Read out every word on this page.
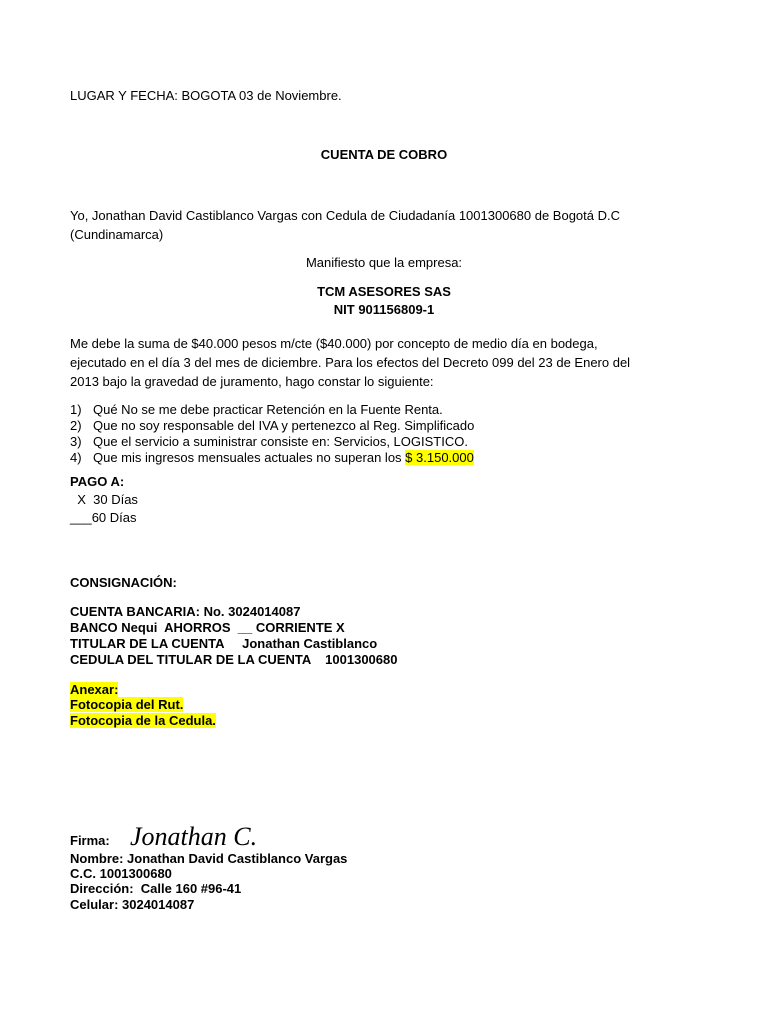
LUGAR Y FECHA: BOGOTA 03 de Noviembre.
CUENTA DE COBRO
Yo, Jonathan David Castiblanco Vargas con Cedula de Ciudadanía 1001300680 de Bogotá D.C
(Cundinamarca)
Manifiesto que la empresa:
TCM ASESORES SAS
NIT 901156809-1
Me debe la suma de $40.000 pesos m/cte ($40.000) por concepto de medio día en bodega,
ejecutado en el día 3 del mes de diciembre. Para los efectos del Decreto 099 del 23 de Enero del
2013 bajo la gravedad de juramento, hago constar lo siguiente:
1) Qué No se me debe practicar Retención en la Fuente Renta.
2) Que no soy responsable del IVA y pertenezco al Reg. Simplificado
3) Que el servicio a suministrar consiste en: Servicios, LOGISTICO.
4) Que mis ingresos mensuales actuales no superan los $ 3.150.000
PAGO A:
X  30 Días
___60 Días
CONSIGNACIÓN:
CUENTA BANCARIA: No. 3024014087
BANCO Nequi  AHORROS  __ CORRIENTE X
TITULAR DE LA CUENTA     Jonathan Castiblanco
CEDULA DEL TITULAR DE LA CUENTA    1001300680
Anexar:
Fotocopia del Rut.
Fotocopia de la Cedula.
Firma: Jonathan C.
Nombre: Jonathan David Castiblanco Vargas
C.C. 1001300680
Dirección:  Calle 160 #96-41
Celular: 3024014087
